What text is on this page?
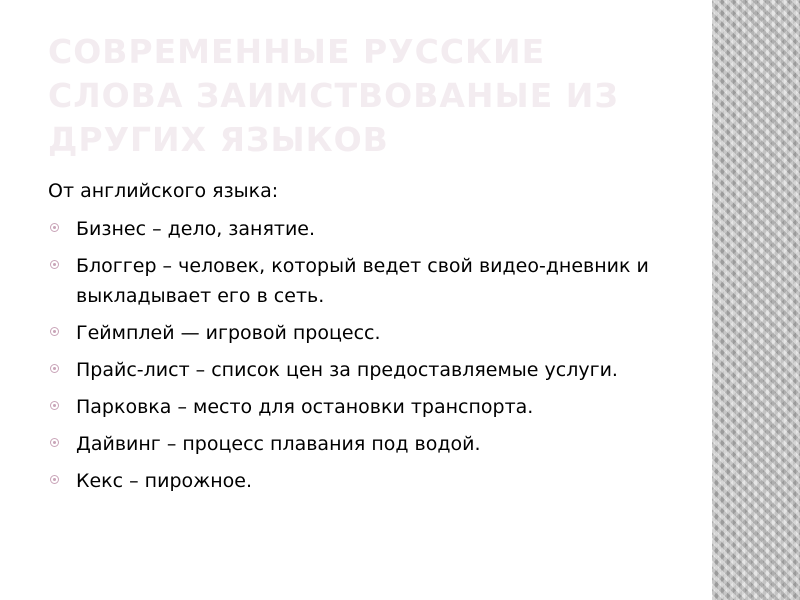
СОВРЕМЕННЫЕ РУССКИЕ СЛОВА ЗАИМСТВОВАНЫЕ ИЗ ДРУГИХ ЯЗЫКОВ

От английского языка:

Бизнес – дело, занятие.
Блоггер – человек, который ведет свой видео-дневник и выкладывает его в сеть.
Геймплей — игровой процесс.
Прайс-лист – список цен за предоставляемые услуги.
Парковка – место для остановки транспорта.
Дайвинг – процесс плавания под водой.
Кекс – пирожное.
